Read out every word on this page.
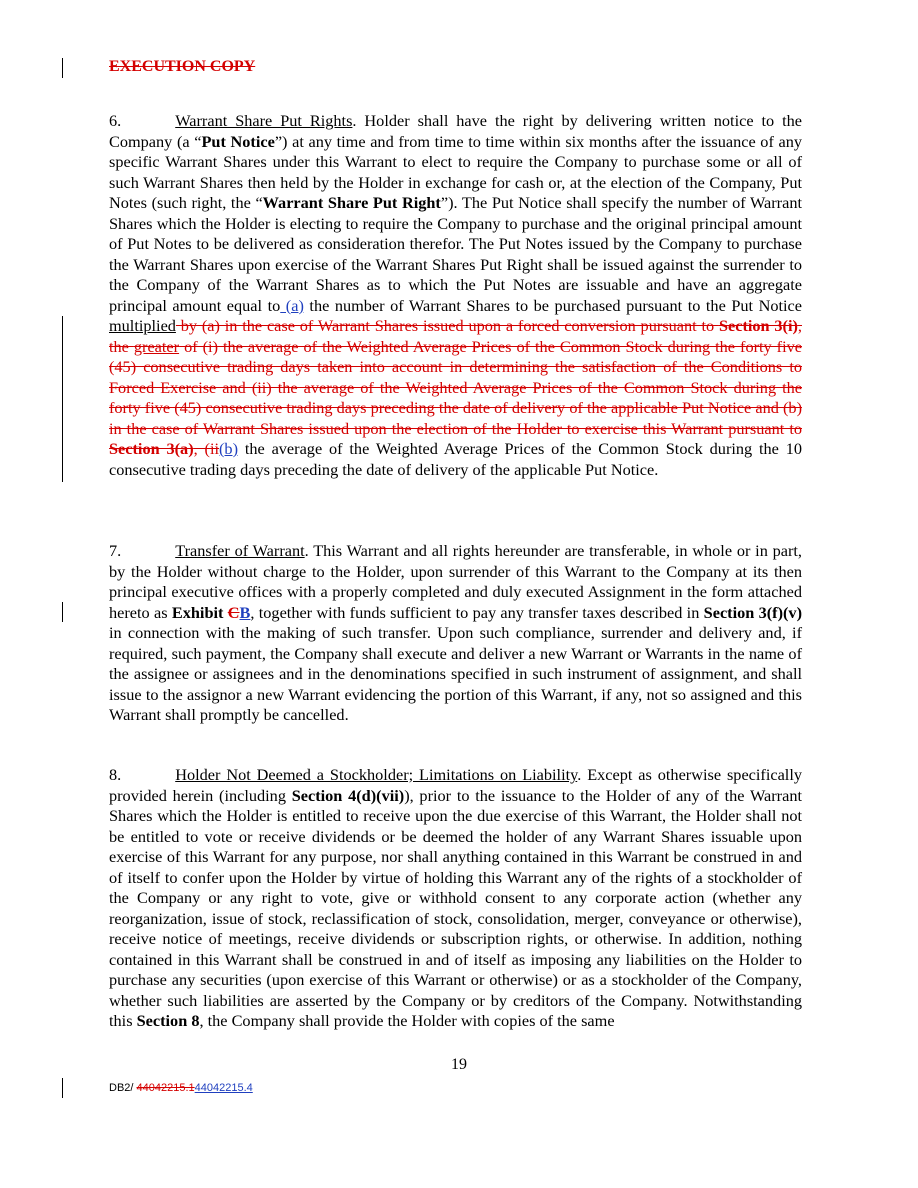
EXECUTION COPY

6.	Warrant Share Put Rights. Holder shall have the right by delivering written notice to the Company (a “Put Notice”) at any time and from time to time within six months after the issuance of any specific Warrant Shares under this Warrant to elect to require the Company to purchase some or all of such Warrant Shares then held by the Holder in exchange for cash or, at the election of the Company, Put Notes (such right, the “Warrant Share Put Right”). The Put Notice shall specify the number of Warrant Shares which the Holder is electing to require the Company to purchase and the original principal amount of Put Notes to be delivered as consideration therefor. The Put Notes issued by the Company to purchase the Warrant Shares upon exercise of the Warrant Shares Put Right shall be issued against the surrender to the Company of the Warrant Shares as to which the Put Notes are issuable and have an aggregate principal amount equal to (a) the number of Warrant Shares to be purchased pursuant to the Put Notice multiplied by (a) in the case of Warrant Shares issued upon a forced conversion pursuant to Section 3(i), the greater of (i) the average of the Weighted Average Prices of the Common Stock during the forty five (45) consecutive trading days taken into account in determining the satisfaction of the Conditions to Forced Exercise and (ii) the average of the Weighted Average Prices of the Common Stock during the forty five (45) consecutive trading days preceding the date of delivery of the applicable Put Notice and (b) in the case of Warrant Shares issued upon the election of the Holder to exercise this Warrant pursuant to Section 3(a), (ii(b) the average of the Weighted Average Prices of the Common Stock during the 10 consecutive trading days preceding the date of delivery of the applicable Put Notice.

7.	Transfer of Warrant. This Warrant and all rights hereunder are transferable, in whole or in part, by the Holder without charge to the Holder, upon surrender of this Warrant to the Company at its then principal executive offices with a properly completed and duly executed Assignment in the form attached hereto as Exhibit CB, together with funds sufficient to pay any transfer taxes described in Section 3(f)(v) in connection with the making of such transfer. Upon such compliance, surrender and delivery and, if required, such payment, the Company shall execute and deliver a new Warrant or Warrants in the name of the assignee or assignees and in the denominations specified in such instrument of assignment, and shall issue to the assignor a new Warrant evidencing the portion of this Warrant, if any, not so assigned and this Warrant shall promptly be cancelled.

8.	Holder Not Deemed a Stockholder; Limitations on Liability. Except as otherwise specifically provided herein (including Section 4(d)(vii)), prior to the issuance to the Holder of any of the Warrant Shares which the Holder is entitled to receive upon the due exercise of this Warrant, the Holder shall not be entitled to vote or receive dividends or be deemed the holder of any Warrant Shares issuable upon exercise of this Warrant for any purpose, nor shall anything contained in this Warrant be construed in and of itself to confer upon the Holder by virtue of holding this Warrant any of the rights of a stockholder of the Company or any right to vote, give or withhold consent to any corporate action (whether any reorganization, issue of stock, reclassification of stock, consolidation, merger, conveyance or otherwise), receive notice of meetings, receive dividends or subscription rights, or otherwise. In addition, nothing contained in this Warrant shall be construed in and of itself as imposing any liabilities on the Holder to purchase any securities (upon exercise of this Warrant or otherwise) or as a stockholder of the Company, whether such liabilities are asserted by the Company or by creditors of the Company. Notwithstanding this Section 8, the Company shall provide the Holder with copies of the same

19
DB2/ 44042215.144042215.4
